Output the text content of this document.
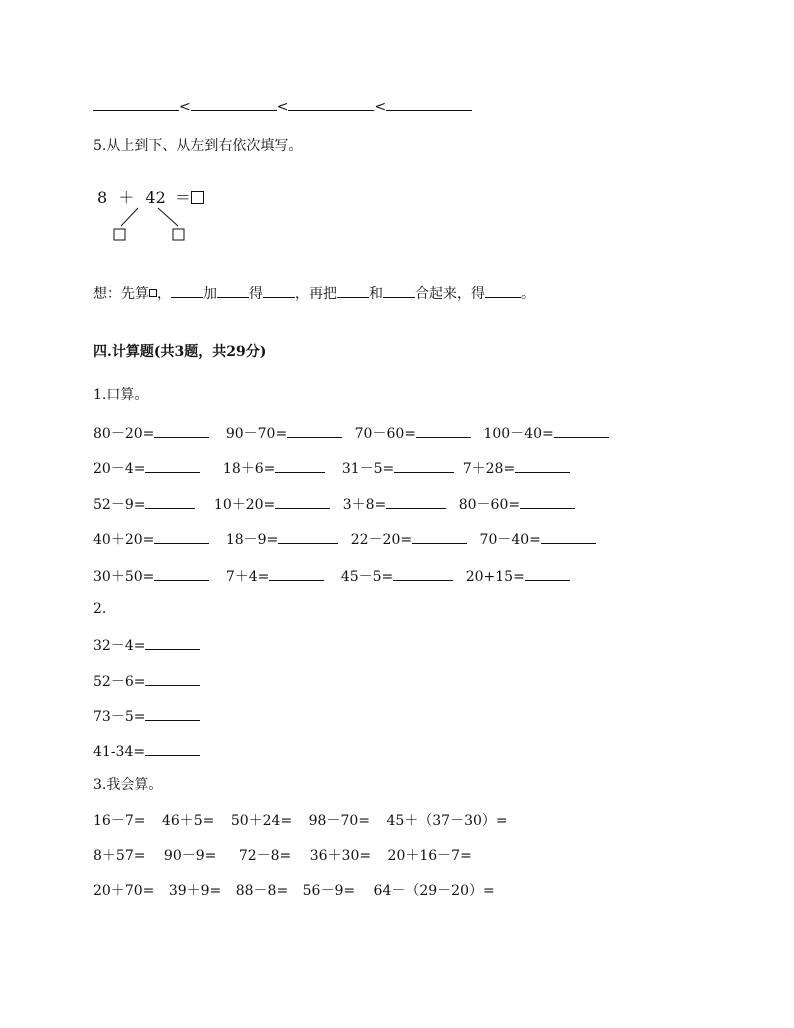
<	<	<
5.从上到下、从左到右依次填写。
8 ＋ 42 ＝
想：先算 ， 加 得 ，再把 和 合起来，得	。
四.计算题(共3题，共29分)
1.口算。
80－20=	90－70=	70－60=	100－40=
20－4=	18＋6=	31－5=	7＋28=
52－9=	10＋20=	3＋8=	80－60=
40＋20=	18－9=	22－20=	70－40=
30＋50=	7＋4=	45－5=	20+15=
2.
32－4=
52－6=
73－5=
41-34=
3.我会算。
16－7= 46＋5= 50＋24= 98－70= 45＋（37－30）=
8＋57= 90－9= 72－8= 36＋30= 20＋16－7=
20＋70= 39＋9= 88－8= 56－9= 64－（29－20）=
